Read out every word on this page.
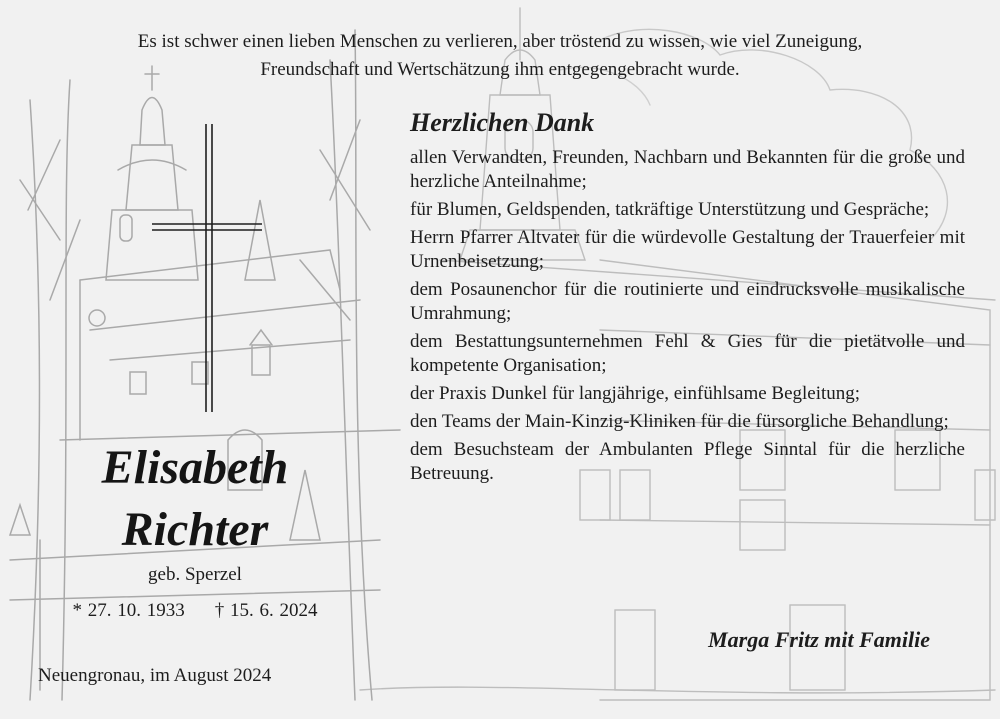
Es ist schwer einen lieben Menschen zu verlieren, aber tröstend zu wissen, wie viel Zuneigung,
Freundschaft und Wertschätzung ihm entgegengebracht wurde.

Elisabeth
Richter
geb. Sperzel
* 27. 10. 1933 † 15. 6. 2024
Neuengronau, im August 2024
Herzlichen Dank
allen Verwandten, Freunden, Nachbarn und Bekannten für die große und herzliche Anteilnahme;
für Blumen, Geldspenden, tatkräftige Unterstützung und Gespräche;
Herrn Pfarrer Altvater für die würdevolle Gestaltung der Trauerfeier mit Urnenbeisetzung;
dem Posaunenchor für die routinierte und eindrucksvolle musikalische Umrahmung;
dem Bestattungsunternehmen Fehl & Gies für die pietätvolle und kompetente Organisation;
der Praxis Dunkel für langjährige, einfühlsame Begleitung;
den Teams der Main-Kinzig-Kliniken für die fürsorgliche Behandlung;
dem Besuchsteam der Ambulanten Pflege Sinntal für die herzliche Betreuung.
Marga Fritz mit Familie
